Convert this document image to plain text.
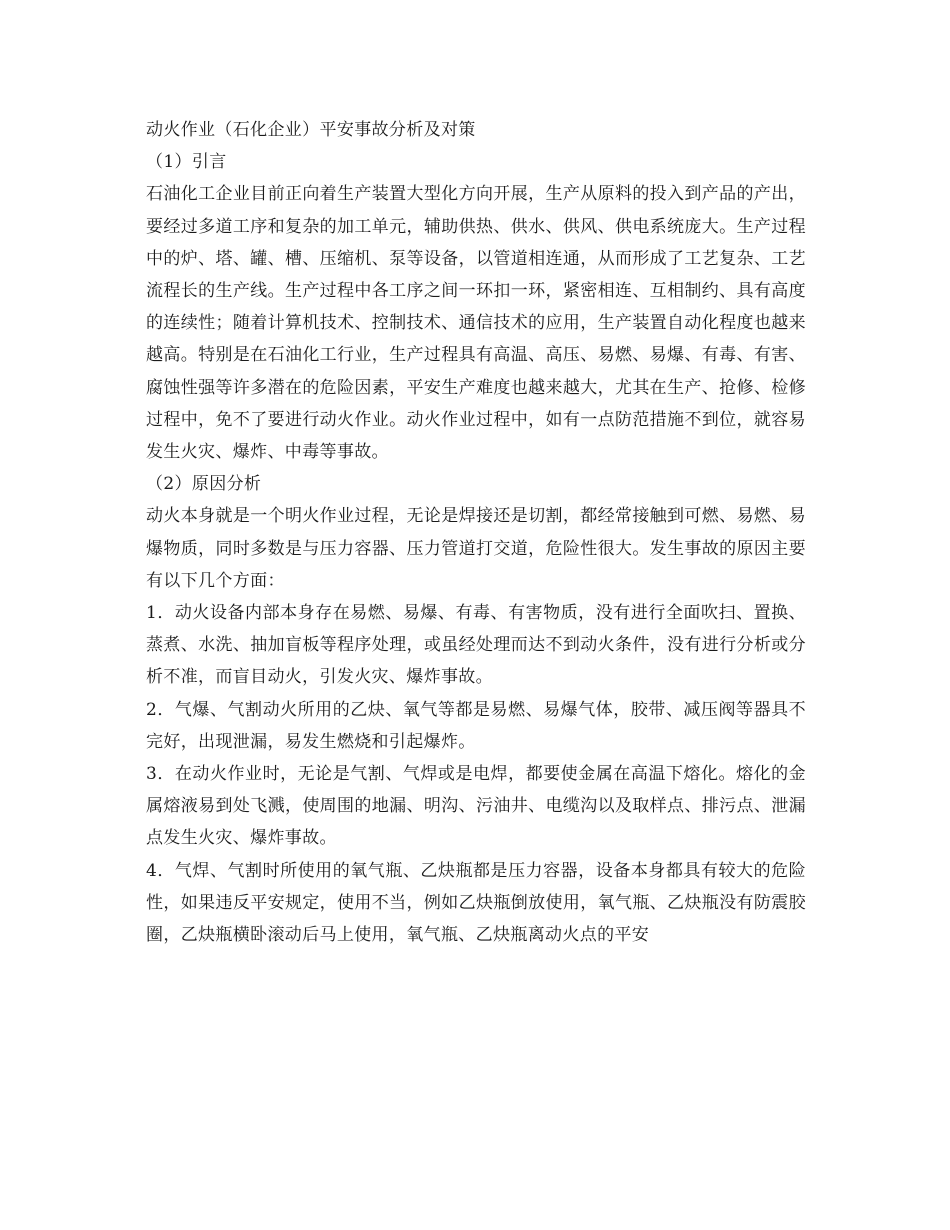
动火作业（石化企业）平安事故分析及对策

（1）引言

石油化工企业目前正向着生产装置大型化方向开展，生产从原料的投入到产品的产出，要经过多道工序和复杂的加工单元，辅助供热、供水、供风、供电系统庞大。生产过程中的炉、塔、罐、槽、压缩机、泵等设备，以管道相连通，从而形成了工艺复杂、工艺流程长的生产线。生产过程中各工序之间一环扣一环，紧密相连、互相制约、具有高度的连续性；随着计算机技术、控制技术、通信技术的应用，生产装置自动化程度也越来越高。特别是在石油化工行业，生产过程具有高温、高压、易燃、易爆、有毒、有害、腐蚀性强等许多潜在的危险因素，平安生产难度也越来越大，尤其在生产、抢修、检修过程中，免不了要进行动火作业。动火作业过程中，如有一点防范措施不到位，就容易发生火灾、爆炸、中毒等事故。

（2）原因分析

动火本身就是一个明火作业过程，无论是焊接还是切割，都经常接触到可燃、易燃、易爆物质，同时多数是与压力容器、压力管道打交道，危险性很大。发生事故的原因主要有以下几个方面：

1．动火设备内部本身存在易燃、易爆、有毒、有害物质，没有进行全面吹扫、置换、蒸煮、水洗、抽加盲板等程序处理，或虽经处理而达不到动火条件，没有进行分析或分析不准，而盲目动火，引发火灾、爆炸事故。

2．气爆、气割动火所用的乙炔、氧气等都是易燃、易爆气体，胶带、减压阀等器具不完好，出现泄漏，易发生燃烧和引起爆炸。

3．在动火作业时，无论是气割、气焊或是电焊，都要使金属在高温下熔化。熔化的金属熔液易到处飞溅，使周围的地漏、明沟、污油井、电缆沟以及取样点、排污点、泄漏点发生火灾、爆炸事故。

4．气焊、气割时所使用的氧气瓶、乙炔瓶都是压力容器，设备本身都具有较大的危险性，如果违反平安规定，使用不当，例如乙炔瓶倒放使用，氧气瓶、乙炔瓶没有防震胶圈，乙炔瓶横卧滚动后马上使用，氧气瓶、乙炔瓶离动火点的平安
